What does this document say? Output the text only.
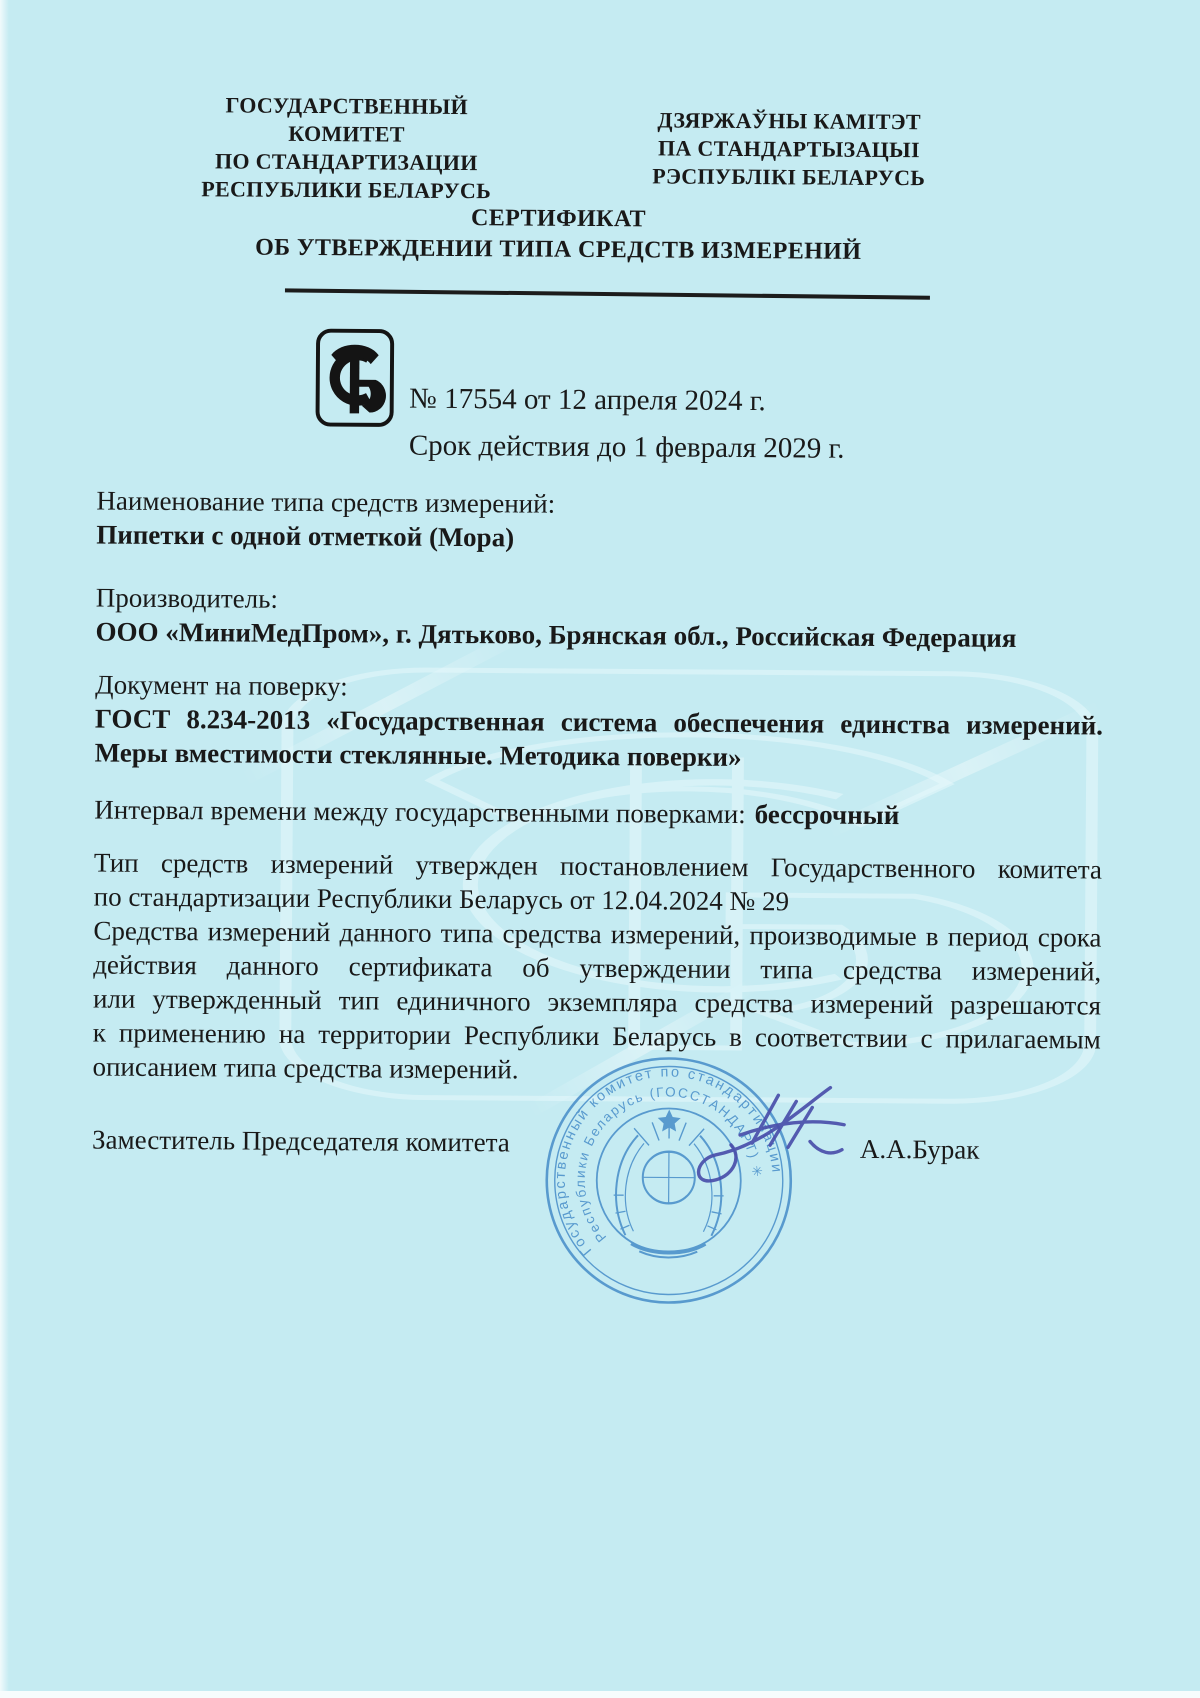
ГОСУДАРСТВЕННЫЙ КОМИТЕТ
ПО СТАНДАРТИЗАЦИИ
РЕСПУБЛИКИ БЕЛАРУСЬ
ДЗЯРЖАЎНЫ КАМІТЭТ
ПА СТАНДАРТЫЗАЦЫІ
РЭСПУБЛІКІ БЕЛАРУСЬ
СЕРТИФИКАТ
ОБ УТВЕРЖДЕНИИ ТИПА СРЕДСТВ ИЗМЕРЕНИЙ
№ 17554 от 12 апреля 2024 г.
Срок действия до 1 февраля 2029 г.
Наименование типа средств измерений:
Пипетки с одной отметкой (Мора)
Производитель:
ООО «МиниМедПром», г. Дятьково, Брянская обл., Российская Федерация
Документ на поверку:
ГОСТ 8.234-2013 «Государственная система обеспечения единства измерений. Меры вместимости стеклянные. Методика поверки»
Интервал времени между государственными поверками: бессрочный
Тип средств измерений утвержден постановлением Государственного комитета по стандартизации Республики Беларусь от 12.04.2024 № 29
Средства измерений данного типа средства измерений, производимые в период срока действия данного сертификата об утверждении типа средства измерений, или утвержденный тип единичного экземпляра средства измерений разрешаются к применению на территории Республики Беларусь в соответствии с прилагаемым описанием типа средства измерений.
Заместитель Председателя комитета	А.А.Бурак
Государственный комитет по стандартизации
Республики Беларусь (ГОССТАНДАРТ) ✳
